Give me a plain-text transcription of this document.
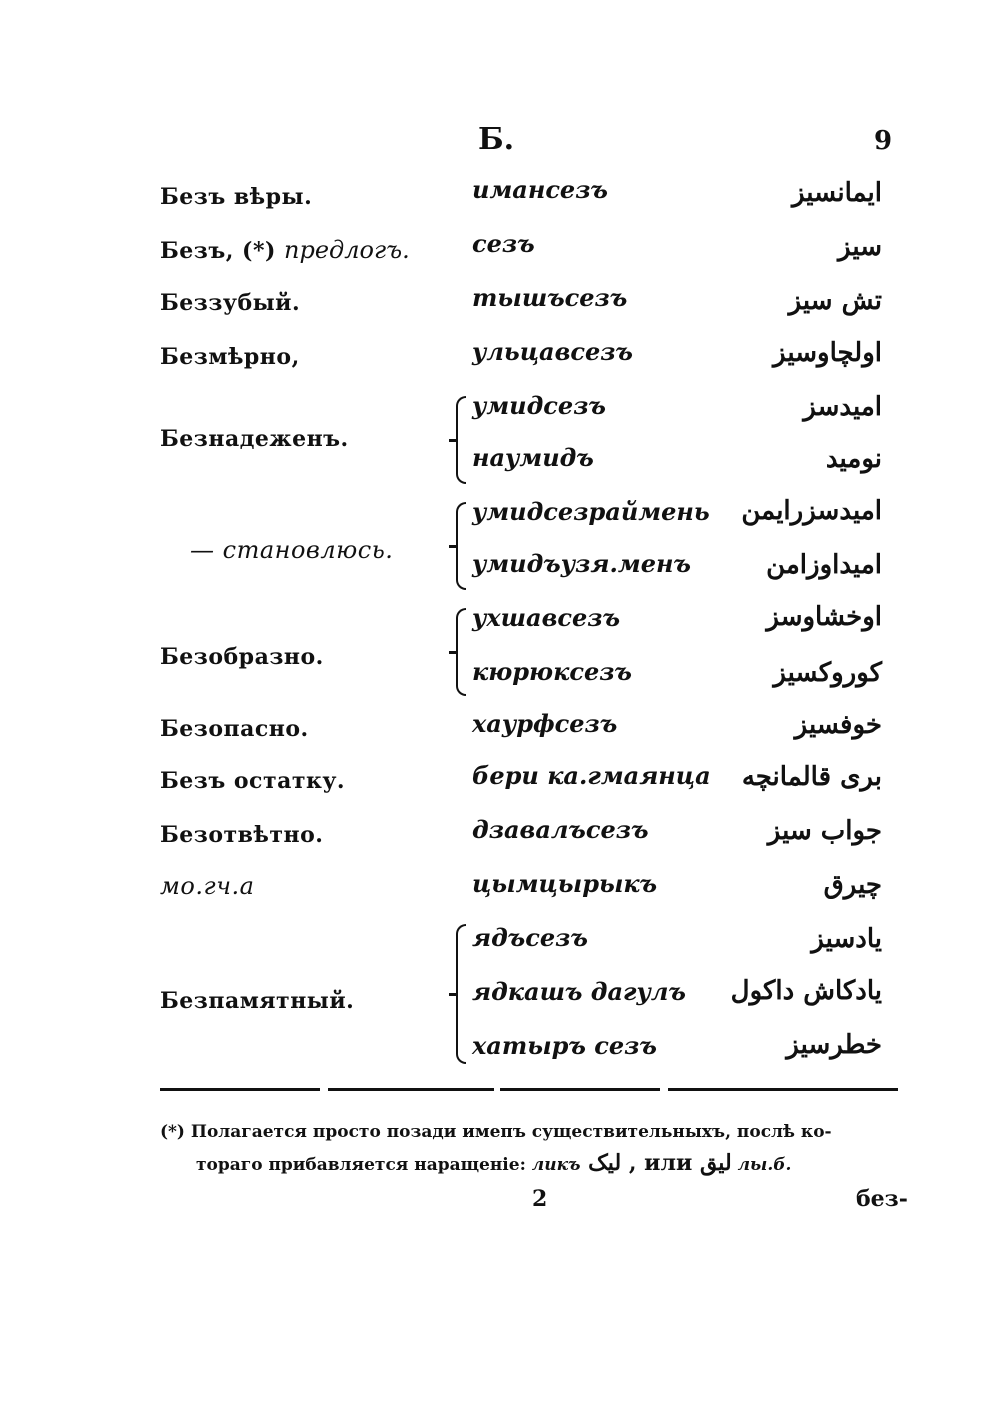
Б.	9
Безъ вѣры.	имансезъ	ایمانسیز
Безъ, (*) предлогъ.	сезъ	سیز
Беззубый.	тышъсезъ	تش سیز
Безмѣрно,	ульцавсезъ	اولچاوسیز
Безнадеженъ.
умидсезъ	امیدسز
наумидъ	نومید
— становлюсь.
умидсезраймень امیدسزرایمن
умидъузя.менъ	امیداوزامن
Безобразно.
ухшавсезъ	اوخشاوسز
кюрюксезъ	کوروکسیز
Безопасно.	хаурфсезъ	خوفسیز
Безъ остатку.	бери ка.гмаянца بری قالمانچه
Безотвѣтно.	дзавалъсезъ	جواب سیز
мо.гч.а	цымцырыкъ	چیرق
Безпамятный.
ядъсезъ	یادسیز
ядкашъ дагулъ یادکاش داکول
хатыръ сезъ	خطرسیز
(*) Полагается просто позади имепъ существительныхъ, послѣ ко-
тораго прибавляется наращеніе: ликъ لیک , или لیق лы.б.
2	без-
